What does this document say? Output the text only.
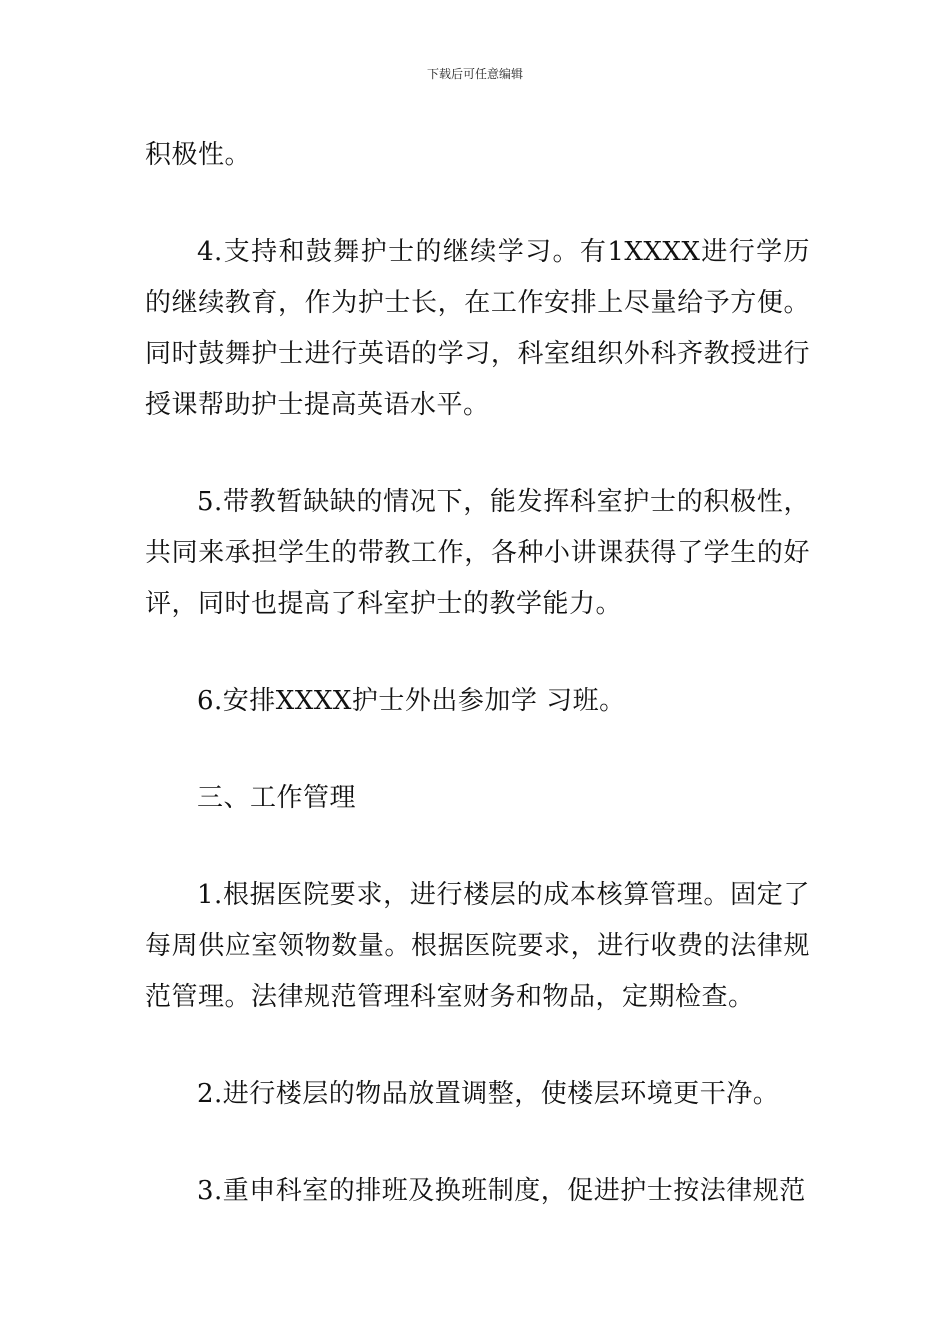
下载后可任意编辑

积极性。

4.支持和鼓舞护士的继续学习。有1XXXX进行学历的继续教育，作为护士长，在工作安排上尽量给予方便。同时鼓舞护士进行英语的学习，科室组织外科齐教授进行授课帮助护士提高英语水平。

5.带教暂缺缺的情况下，能发挥科室护士的积极性，共同来承担学生的带教工作，各种小讲课获得了学生的好评，同时也提高了科室护士的教学能力。

6.安排XXXX护士外出参加学 习班。

三、工作管理

1.根据医院要求，进行楼层的成本核算管理。固定了每周供应室领物数量。根据医院要求，进行收费的法律规范管理。法律规范管理科室财务和物品，定期检查。

2.进行楼层的物品放置调整，使楼层环境更干净。

3.重申科室的排班及换班制度，促进护士按法律规范
